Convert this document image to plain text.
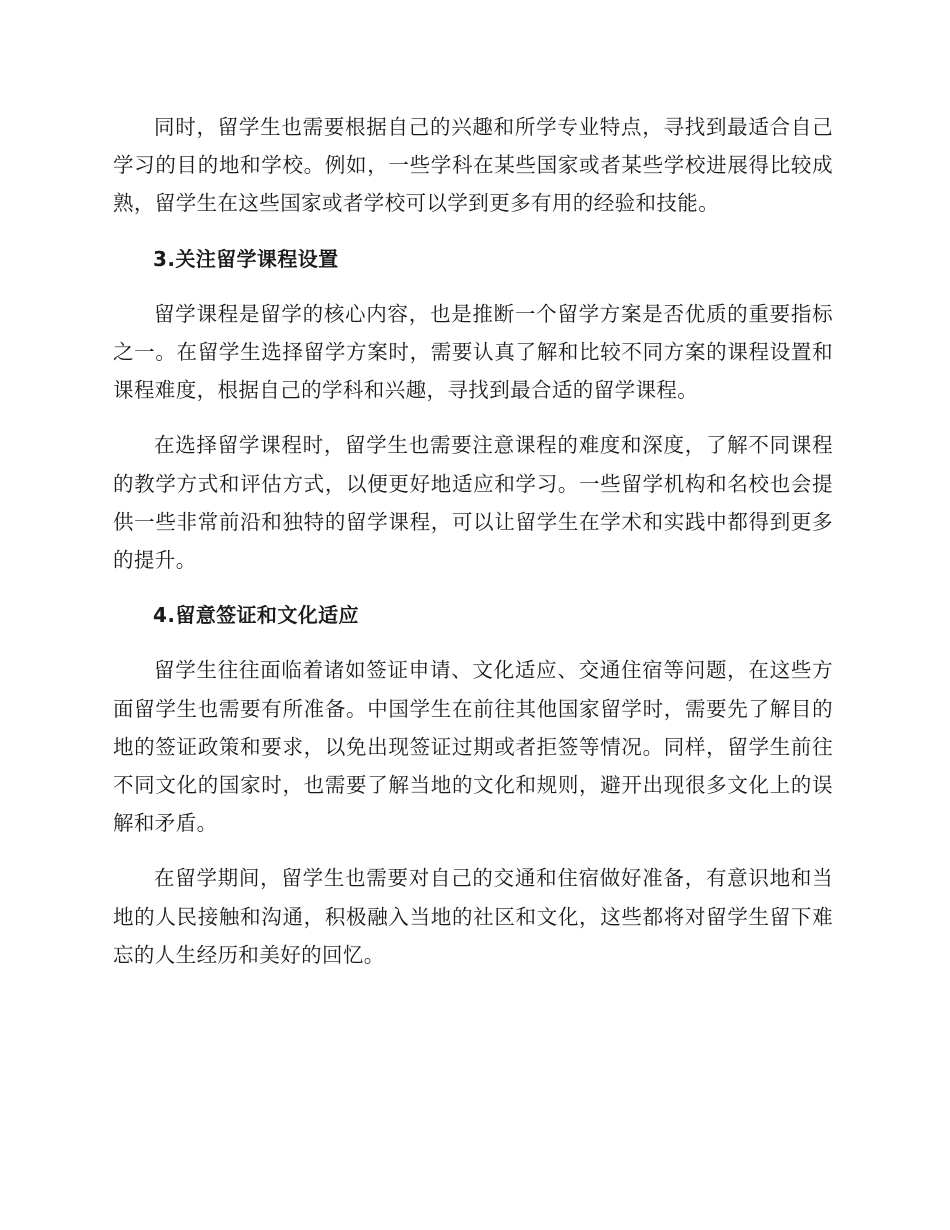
同时，留学生也需要根据自己的兴趣和所学专业特点，寻找到最适合自己学习的目的地和学校。例如，一些学科在某些国家或者某些学校进展得比较成熟，留学生在这些国家或者学校可以学到更多有用的经验和技能。

3.关注留学课程设置

留学课程是留学的核心内容，也是推断一个留学方案是否优质的重要指标之一。在留学生选择留学方案时，需要认真了解和比较不同方案的课程设置和课程难度，根据自己的学科和兴趣，寻找到最合适的留学课程。

在选择留学课程时，留学生也需要注意课程的难度和深度，了解不同课程的教学方式和评估方式，以便更好地适应和学习。一些留学机构和名校也会提供一些非常前沿和独特的留学课程，可以让留学生在学术和实践中都得到更多的提升。

4.留意签证和文化适应

留学生往往面临着诸如签证申请、文化适应、交通住宿等问题，在这些方面留学生也需要有所准备。中国学生在前往其他国家留学时，需要先了解目的地的签证政策和要求，以免出现签证过期或者拒签等情况。同样，留学生前往不同文化的国家时，也需要了解当地的文化和规则，避开出现很多文化上的误解和矛盾。

在留学期间，留学生也需要对自己的交通和住宿做好准备，有意识地和当地的人民接触和沟通，积极融入当地的社区和文化，这些都将对留学生留下难忘的人生经历和美好的回忆。
